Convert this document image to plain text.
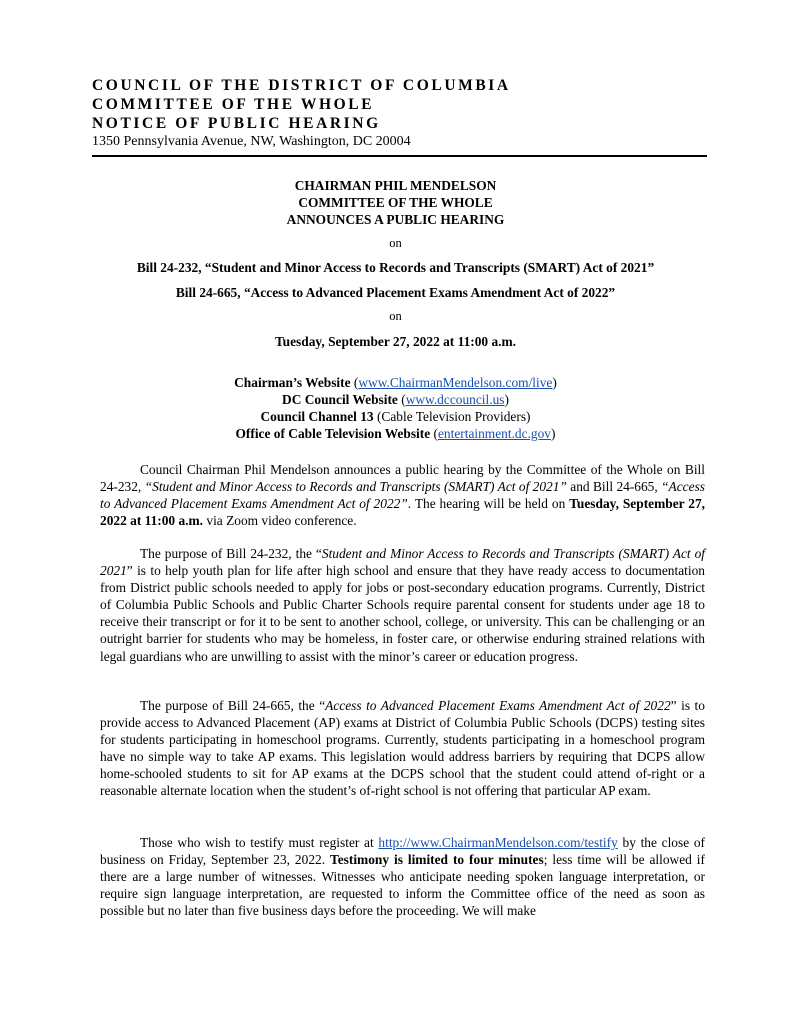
COUNCIL OF THE DISTRICT OF COLUMBIA
COMMITTEE OF THE WHOLE
NOTICE OF PUBLIC HEARING
1350 Pennsylvania Avenue, NW, Washington, DC 20004
CHAIRMAN PHIL MENDELSON
COMMITTEE OF THE WHOLE
ANNOUNCES A PUBLIC HEARING
on
Bill 24-232, “Student and Minor Access to Records and Transcripts (SMART) Act of 2021”
Bill 24-665, “Access to Advanced Placement Exams Amendment Act of 2022”
on
Tuesday, September 27, 2022 at 11:00 a.m.
Chairman’s Website (www.ChairmanMendelson.com/live)
DC Council Website (www.dccouncil.us)
Council Channel 13 (Cable Television Providers)
Office of Cable Television Website (entertainment.dc.gov)

Council Chairman Phil Mendelson announces a public hearing by the Committee of the Whole on Bill 24-232, “Student and Minor Access to Records and Transcripts (SMART) Act of 2021” and Bill 24-665, “Access to Advanced Placement Exams Amendment Act of 2022”. The hearing will be held on Tuesday, September 27, 2022 at 11:00 a.m. via Zoom video conference.

The purpose of Bill 24-232, the “Student and Minor Access to Records and Transcripts (SMART) Act of 2021” is to help youth plan for life after high school and ensure that they have ready access to documentation from District public schools needed to apply for jobs or post-secondary education programs. Currently, District of Columbia Public Schools and Public Charter Schools require parental consent for students under age 18 to receive their transcript or for it to be sent to another school, college, or university. This can be challenging or an outright barrier for students who may be homeless, in foster care, or otherwise enduring strained relations with legal guardians who are unwilling to assist with the minor’s career or education progress.

The purpose of Bill 24-665, the “Access to Advanced Placement Exams Amendment Act of 2022” is to provide access to Advanced Placement (AP) exams at District of Columbia Public Schools (DCPS) testing sites for students participating in homeschool programs. Currently, students participating in a homeschool program have no simple way to take AP exams. This legislation would address barriers by requiring that DCPS allow home-schooled students to sit for AP exams at the DCPS school that the student could attend of-right or a reasonable alternate location when the student’s of-right school is not offering that particular AP exam.

Those who wish to testify must register at http://www.ChairmanMendelson.com/testify by the close of business on Friday, September 23, 2022. Testimony is limited to four minutes; less time will be allowed if there are a large number of witnesses. Witnesses who anticipate needing spoken language interpretation, or require sign language interpretation, are requested to inform the Committee office of the need as soon as possible but no later than five business days before the proceeding. We will make
